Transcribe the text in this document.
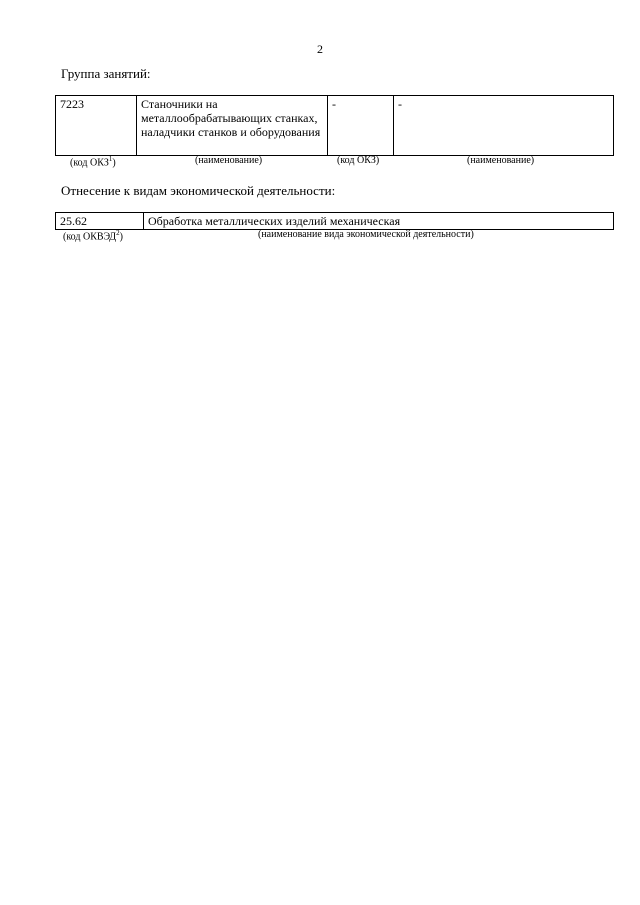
2
Группа занятий:
7223	Станочники на металлообрабатывающих станках, наладчики станков и оборудования	-	-
(код ОКЗ$^1$)	(наименование)	(код ОКЗ)	(наименование)
Отнесение к видам экономической деятельности:
25.62	Обработка металлических изделий механическая
(код ОКВЭД$^2$)	(наименование вида экономической деятельности)
